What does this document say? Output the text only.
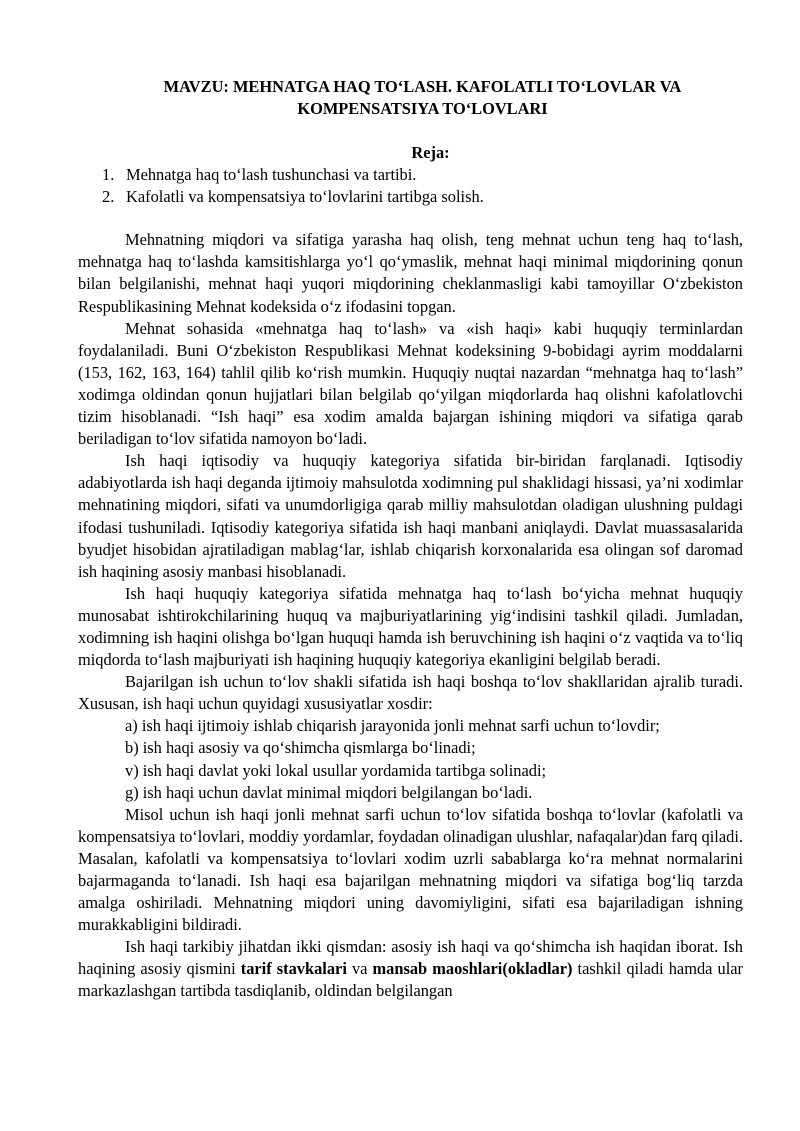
MAVZU: MEHNATGA HAQ TO‘LASH. KAFOLATLI TO‘LOVLAR VA
KOMPENSATSIYA TO‘LOVLARI
Reja:
1. Mehnatga haq to‘lash tushunchasi va tartibi.
2. Kafolatli va kompensatsiya to‘lovlarini tartibga solish.

Mehnatning miqdori va sifatiga yarasha haq olish, teng mehnat uchun teng haq to‘lash, mehnatga haq to‘lashda kamsitishlarga yo‘l qo‘ymaslik, mehnat haqi minimal miqdorining qonun bilan belgilanishi, mehnat haqi yuqori miqdorining cheklanmasligi kabi tamoyillar O‘zbekiston Respublikasining Mehnat kodeksida o‘z ifodasini topgan.

Mehnat sohasida «mehnatga haq to‘lash» va «ish haqi» kabi huquqiy terminlardan foydalaniladi. Buni O‘zbekiston Respublikasi Mehnat kodeksining 9-bobidagi ayrim moddalarni (153, 162, 163, 164) tahlil qilib ko‘rish mumkin. Huquqiy nuqtai nazardan “mehnatga haq to‘lash” xodimga oldindan qonun hujjatlari bilan belgilab qo‘yilgan miqdorlarda haq olishni kafolatlovchi tizim hisoblanadi. “Ish haqi” esa xodim amalda bajargan ishining miqdori va sifatiga qarab beriladigan to‘lov sifatida namoyon bo‘ladi.

Ish haqi iqtisodiy va huquqiy kategoriya sifatida bir-biridan farqlanadi. Iqtisodiy adabiyotlarda ish haqi deganda ijtimoiy mahsulotda xodimning pul shaklidagi hissasi, ya’ni xodimlar mehnatining miqdori, sifati va unumdorligiga qarab milliy mahsulotdan oladigan ulushning puldagi ifodasi tushuniladi. Iqtisodiy kategoriya sifatida ish haqi manbani aniqlaydi. Davlat muassasalarida byudjet hisobidan ajratiladigan mablag‘lar, ishlab chiqarish korxonalarida esa olingan sof daromad ish haqining asosiy manbasi hisoblanadi.

Ish haqi huquqiy kategoriya sifatida mehnatga haq to‘lash bo‘yicha mehnat huquqiy munosabat ishtirokchilarining huquq va majburiyatlarining yig‘indisini tashkil qiladi. Jumladan, xodimning ish haqini olishga bo‘lgan huquqi hamda ish beruvchining ish haqini o‘z vaqtida va to‘liq miqdorda to‘lash majburiyati ish haqining huquqiy kategoriya ekanligini belgilab beradi.

Bajarilgan ish uchun to‘lov shakli sifatida ish haqi boshqa to‘lov shakllaridan ajralib turadi. Xususan, ish haqi uchun quyidagi xususiyatlar xosdir:

a) ish haqi ijtimoiy ishlab chiqarish jarayonida jonli mehnat sarfi uchun to‘lovdir;
b) ish haqi asosiy va qo‘shimcha qismlarga bo‘linadi;
v) ish haqi davlat yoki lokal usullar yordamida tartibga solinadi;
g) ish haqi uchun davlat minimal miqdori belgilangan bo‘ladi.

Misol uchun ish haqi jonli mehnat sarfi uchun to‘lov sifatida boshqa to‘lovlar (kafolatli va kompensatsiya to‘lovlari, moddiy yordamlar, foydadan olinadigan ulushlar, nafaqalar)dan farq qiladi. Masalan, kafolatli va kompensatsiya to‘lovlari xodim uzrli sabablarga ko‘ra mehnat normalarini bajarmaganda to‘lanadi. Ish haqi esa bajarilgan mehnatning miqdori va sifatiga bog‘liq tarzda amalga oshiriladi. Mehnatning miqdori uning davomiyligini, sifati esa bajariladigan ishning murakkabligini bildiradi.

Ish haqi tarkibiy jihatdan ikki qismdan: asosiy ish haqi va qo‘shimcha ish haqidan iborat. Ish haqining asosiy qismini tarif stavkalari va mansab maoshlari(okladlar) tashkil qiladi hamda ular markazlashgan tartibda tasdiqlanib, oldindan belgilangan
